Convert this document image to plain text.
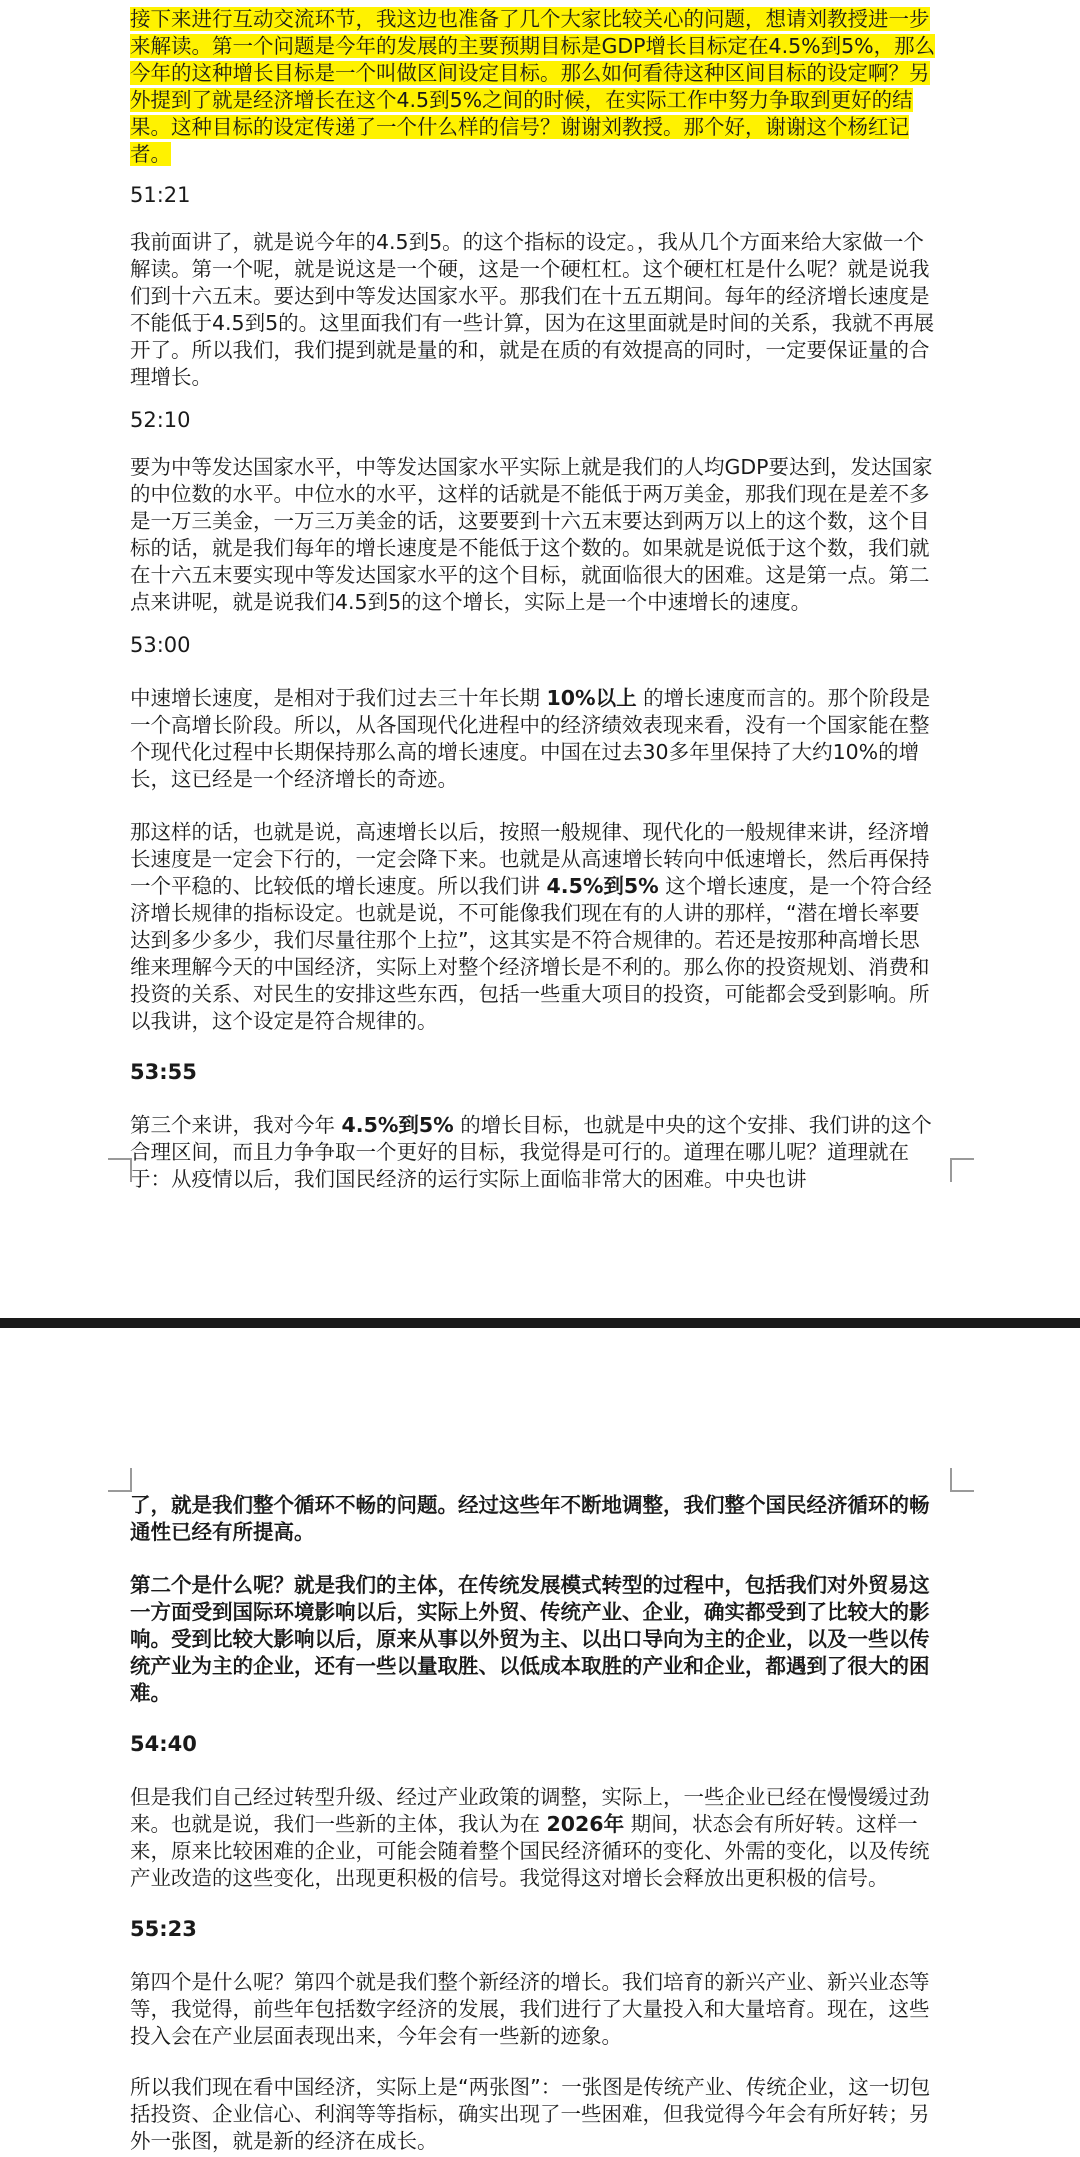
接下来进行互动交流环节，我这边也准备了几个大家比较关心的问题，想请刘教授进一步来解读。第一个问题是今年的发展的主要预期目标是GDP增长目标定在4.5%到5%，那么今年的这种增长目标是一个叫做区间设定目标。那么如何看待这种区间目标的设定啊？另外提到了就是经济增长在这个4.5到5%之间的时候，在实际工作中努力争取到更好的结果。这种目标的设定传递了一个什么样的信号？谢谢刘教授。那个好，谢谢这个杨红记者。

51:21

我前面讲了，就是说今年的4.5到5。的这个指标的设定。，我从几个方面来给大家做一个解读。第一个呢，就是说这是一个硬，这是一个硬杠杠。这个硬杠杠是什么呢？就是说我们到十六五末。要达到中等发达国家水平。那我们在十五五期间。每年的经济增长速度是不能低于4.5到5的。这里面我们有一些计算，因为在这里面就是时间的关系，我就不再展开了。所以我们，我们提到就是量的和，就是在质的有效提高的同时，一定要保证量的合理增长。

52:10

要为中等发达国家水平，中等发达国家水平实际上就是我们的人均GDP要达到，发达国家的中位数的水平。中位水的水平，这样的话就是不能低于两万美金，那我们现在是差不多是一万三美金，一万三万美金的话，这要要到十六五末要达到两万以上的这个数，这个目标的话，就是我们每年的增长速度是不能低于这个数的。如果就是说低于这个数，我们就在十六五末要实现中等发达国家水平的这个目标，就面临很大的困难。这是第一点。第二点来讲呢，就是说我们4.5到5的这个增长，实际上是一个中速增长的速度。

53:00

中速增长速度，是相对于我们过去三十年长期 10%以上 的增长速度而言的。那个阶段是一个高增长阶段。所以，从各国现代化进程中的经济绩效表现来看，没有一个国家能在整个现代化过程中长期保持那么高的增长速度。中国在过去30多年里保持了大约10%的增长，这已经是一个经济增长的奇迹。

那这样的话，也就是说，高速增长以后，按照一般规律、现代化的一般规律来讲，经济增长速度是一定会下行的，一定会降下来。也就是从高速增长转向中低速增长，然后再保持一个平稳的、比较低的增长速度。所以我们讲 4.5%到5% 这个增长速度，是一个符合经济增长规律的指标设定。也就是说，不可能像我们现在有的人讲的那样，“潜在增长率要达到多少多少，我们尽量往那个上拉”，这其实是不符合规律的。若还是按那种高增长思维来理解今天的中国经济，实际上对整个经济增长是不利的。那么你的投资规划、消费和投资的关系、对民生的安排这些东西，包括一些重大项目的投资，可能都会受到影响。所以我讲，这个设定是符合规律的。

53:55

第三个来讲，我对今年 4.5%到5% 的增长目标，也就是中央的这个安排、我们讲的这个合理区间，而且力争争取一个更好的目标，我觉得是可行的。道理在哪儿呢？道理就在于：从疫情以后，我们国民经济的运行实际上面临非常大的困难。中央也讲

了，就是我们整个循环不畅的问题。经过这些年不断地调整，我们整个国民经济循环的畅通性已经有所提高。

第二个是什么呢？就是我们的主体，在传统发展模式转型的过程中，包括我们对外贸易这一方面受到国际环境影响以后，实际上外贸、传统产业、企业，确实都受到了比较大的影响。受到比较大影响以后，原来从事以外贸为主、以出口导向为主的企业，以及一些以传统产业为主的企业，还有一些以量取胜、以低成本取胜的产业和企业，都遇到了很大的困难。

54:40

但是我们自己经过转型升级、经过产业政策的调整，实际上，一些企业已经在慢慢缓过劲来。也就是说，我们一些新的主体，我认为在 2026年 期间，状态会有所好转。这样一来，原来比较困难的企业，可能会随着整个国民经济循环的变化、外需的变化，以及传统产业改造的这些变化，出现更积极的信号。我觉得这对增长会释放出更积极的信号。

55:23

第四个是什么呢？第四个就是我们整个新经济的增长。我们培育的新兴产业、新兴业态等等，我觉得，前些年包括数字经济的发展，我们进行了大量投入和大量培育。现在，这些投入会在产业层面表现出来，今年会有一些新的迹象。

所以我们现在看中国经济，实际上是“两张图”：一张图是传统产业、传统企业，这一切包括投资、企业信心、利润等等指标，确实出现了一些困难，但我觉得今年会有所好转；另外一张图，就是新的经济在成长。
